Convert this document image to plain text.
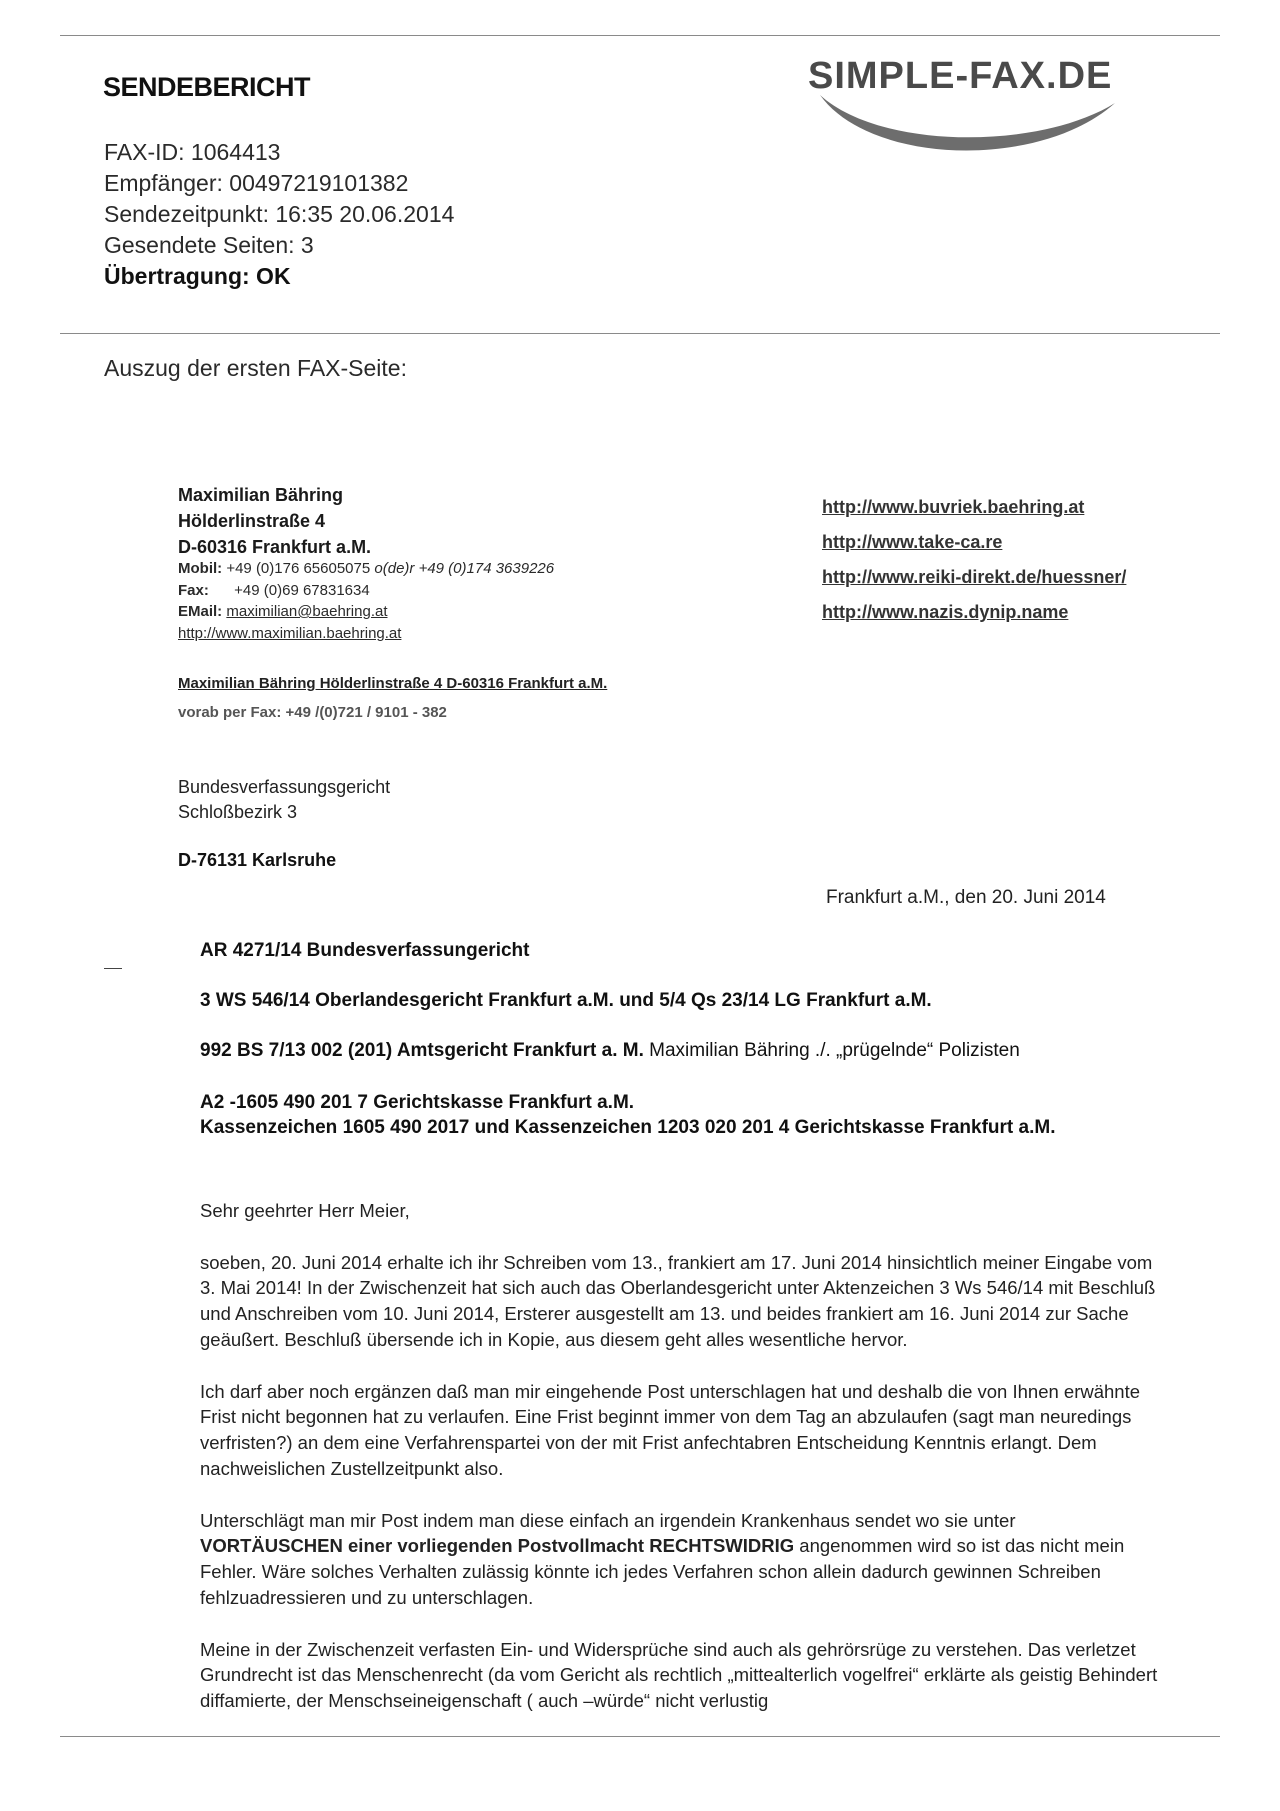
SENDEBERICHT	SIMPLE-FAX.DE
FAX-ID: 1064413
Empfänger: 00497219101382
Sendezeitpunkt: 16:35 20.06.2014
Gesendete Seiten: 3
Übertragung: OK
Auszug der ersten FAX-Seite:
Maximilian Bähring
Hölderlinstraße 4
D-60316 Frankfurt a.M.
Mobil: +49 (0)176 65605075 o(de)r +49 (0)174 3639226
Fax: +49 (0)69 67831634
EMail: maximilian@baehring.at
http://www.maximilian.baehring.at
http://www.buvriek.baehring.at
http://www.take-ca.re
http://www.reiki-direkt.de/huessner/
http://www.nazis.dynip.name
Maximilian Bähring Hölderlinstraße 4 D-60316 Frankfurt a.M.
vorab per Fax: +49 /(0)721 / 9101 - 382
Bundesverfassungsgericht
Schloßbezirk 3
D-76131 Karlsruhe
Frankfurt a.M., den 20. Juni 2014
AR 4271/14 Bundesverfassungericht
3 WS 546/14 Oberlandesgericht Frankfurt a.M. und 5/4 Qs 23/14 LG Frankfurt a.M.
992 BS 7/13 002 (201) Amtsgericht Frankfurt a. M. Maximilian Bähring ./. „prügelnde“ Polizisten
A2 -1605 490 201 7 Gerichtskasse Frankfurt a.M.
Kassenzeichen 1605 490 2017 und Kassenzeichen 1203 020 201 4 Gerichtskasse Frankfurt a.M.

Sehr geehrter Herr Meier,

soeben, 20. Juni 2014 erhalte ich ihr Schreiben vom 13., frankiert am 17. Juni 2014 hinsichtlich meiner Eingabe vom 3. Mai 2014! In der Zwischenzeit hat sich auch das Oberlandesgericht unter Aktenzeichen 3 Ws 546/14 mit Beschluß und Anschreiben vom 10. Juni 2014, Ersterer ausgestellt am 13. und beides frankiert am 16. Juni 2014 zur Sache geäußert. Beschluß übersende ich in Kopie, aus diesem geht alles wesentliche hervor.

Ich darf aber noch ergänzen daß man mir eingehende Post unterschlagen hat und deshalb die von Ihnen erwähnte Frist nicht begonnen hat zu verlaufen. Eine Frist beginnt immer von dem Tag an abzulaufen (sagt man neuredings verfristen?) an dem eine Verfahrenspartei von der mit Frist anfechtabren Entscheidung Kenntnis erlangt. Dem nachweislichen Zustellzeitpunkt also.

Unterschlägt man mir Post indem man diese einfach an irgendein Krankenhaus sendet wo sie unter VORTÄUSCHEN einer vorliegenden Postvollmacht RECHTSWIDRIG angenommen wird so ist das nicht mein Fehler. Wäre solches Verhalten zulässig könnte ich jedes Verfahren schon allein dadurch gewinnen Schreiben fehlzuadressieren und zu unterschlagen.

Meine in der Zwischenzeit verfasten Ein- und Widersprüche sind auch als gehrörsrüge zu verstehen. Das verletzet Grundrecht ist das Menschenrecht (da vom Gericht als rechtlich „mittealterlich vogelfrei“ erklärte als geistig Behindert diffamierte, der Menschseineigenschaft ( auch –würde“ nicht verlustig
